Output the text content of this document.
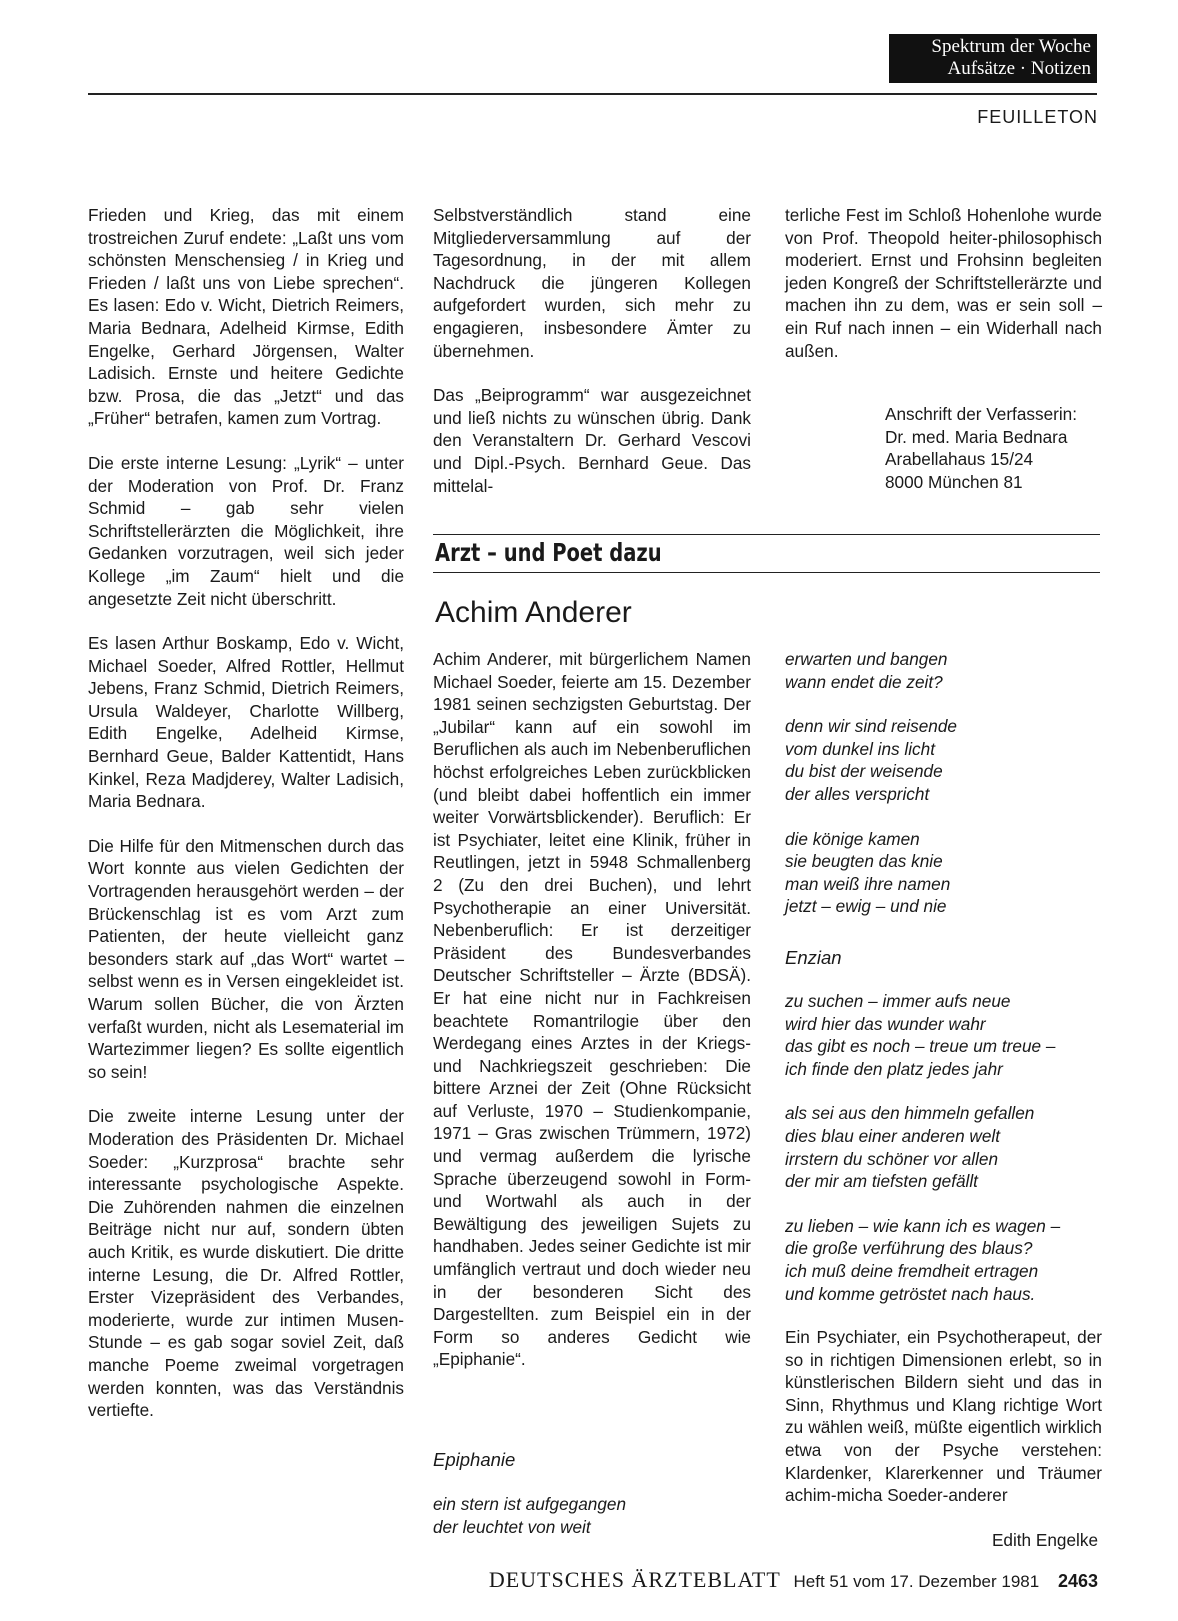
Spektrum der Woche
Aufsätze · Notizen
FEUILLETON

Frieden und Krieg, das mit einem trostreichen Zuruf endete: „Laßt uns vom schönsten Menschensieg / in Krieg und Frieden / laßt uns von Liebe sprechen“. Es lasen: Edo v. Wicht, Dietrich Reimers, Maria Bednara, Adelheid Kirmse, Edith Engelke, Gerhard Jörgensen, Walter Ladisich. Ernste und heitere Gedichte bzw. Prosa, die das „Jetzt“ und das „Früher“ betrafen, kamen zum Vortrag.

Die erste interne Lesung: „Lyrik“ – unter der Moderation von Prof. Dr. Franz Schmid – gab sehr vielen Schriftstellerärzten die Möglichkeit, ihre Gedanken vorzutragen, weil sich jeder Kollege „im Zaum“ hielt und die angesetzte Zeit nicht überschritt.

Es lasen Arthur Boskamp, Edo v. Wicht, Michael Soeder, Alfred Rottler, Hellmut Jebens, Franz Schmid, Dietrich Reimers, Ursula Waldeyer, Charlotte Willberg, Edith Engelke, Adelheid Kirmse, Bernhard Geue, Balder Kattentidt, Hans Kinkel, Reza Madjderey, Walter Ladisich, Maria Bednara.

Die Hilfe für den Mitmenschen durch das Wort konnte aus vielen Gedichten der Vortragenden herausgehört werden – der Brückenschlag ist es vom Arzt zum Patienten, der heute vielleicht ganz besonders stark auf „das Wort“ wartet – selbst wenn es in Versen eingekleidet ist. Warum sollen Bücher, die von Ärzten verfaßt wurden, nicht als Lesematerial im Wartezimmer liegen? Es sollte eigentlich so sein!

Die zweite interne Lesung unter der Moderation des Präsidenten Dr. Michael Soeder: „Kurzprosa“ brachte sehr interessante psychologische Aspekte. Die Zuhörenden nahmen die einzelnen Beiträge nicht nur auf, sondern übten auch Kritik, es wurde diskutiert. Die dritte interne Lesung, die Dr. Alfred Rottler, Erster Vizepräsident des Verbandes, moderierte, wurde zur intimen Musen-Stunde – es gab sogar soviel Zeit, daß manche Poeme zweimal vorgetragen werden konnten, was das Verständnis vertiefte.

Selbstverständlich stand eine Mitgliederversammlung auf der Tagesordnung, in der mit allem Nachdruck die jüngeren Kollegen aufgefordert wurden, sich mehr zu engagieren, insbesondere Ämter zu übernehmen.

Das „Beiprogramm“ war ausgezeichnet und ließ nichts zu wünschen übrig. Dank den Veranstaltern Dr. Gerhard Vescovi und Dipl.-Psych. Bernhard Geue. Das mittelal-

terliche Fest im Schloß Hohenlohe wurde von Prof. Theopold heiter-philosophisch moderiert. Ernst und Frohsinn begleiten jeden Kongreß der Schriftstellerärzte und machen ihn zu dem, was er sein soll – ein Ruf nach innen – ein Widerhall nach außen.

Anschrift der Verfasserin:
Dr. med. Maria Bednara
Arabellahaus 15/24
8000 München 81
Arzt – und Poet dazu
Achim Anderer

Achim Anderer, mit bürgerlichem Namen Michael Soeder, feierte am 15. Dezember 1981 seinen sechzigsten Geburtstag. Der „Jubilar“ kann auf ein sowohl im Beruflichen als auch im Nebenberuflichen höchst erfolgreiches Leben zurückblicken (und bleibt dabei hoffentlich ein immer weiter Vorwärtsblickender). Beruflich: Er ist Psychiater, leitet eine Klinik, früher in Reutlingen, jetzt in 5948 Schmallenberg 2 (Zu den drei Buchen), und lehrt Psychotherapie an einer Universität. Nebenberuflich: Er ist derzeitiger Präsident des Bundesverbandes Deutscher Schriftsteller – Ärzte (BDSÄ). Er hat eine nicht nur in Fachkreisen beachtete Romantrilogie über den Werdegang eines Arztes in der Kriegs- und Nachkriegszeit geschrieben: Die bittere Arznei der Zeit (Ohne Rücksicht auf Verluste, 1970 – Studienkompanie, 1971 – Gras zwischen Trümmern, 1972) und vermag außerdem die lyrische Sprache überzeugend sowohl in Form- und Wortwahl als auch in der Bewältigung des jeweiligen Sujets zu handhaben. Jedes seiner Gedichte ist mir umfänglich vertraut und doch wieder neu in der besonderen Sicht des Dargestellten. zum Beispiel ein in der Form so anderes Gedicht wie „Epiphanie“.

Epiphanie
ein stern ist aufgegangen
der leuchtet von weit
erwarten und bangen
wann endet die zeit?
denn wir sind reisende
vom dunkel ins licht
du bist der weisende
der alles verspricht
die könige kamen
sie beugten das knie
man weiß ihre namen
jetzt – ewig – und nie
Enzian
zu suchen – immer aufs neue
wird hier das wunder wahr
das gibt es noch – treue um treue –
ich finde den platz jedes jahr
als sei aus den himmeln gefallen
dies blau einer anderen welt
irrstern du schöner vor allen
der mir am tiefsten gefällt
zu lieben – wie kann ich es wagen –
die große verführung des blaus?
ich muß deine fremdheit ertragen
und komme getröstet nach haus.

Ein Psychiater, ein Psychotherapeut, der so in richtigen Dimensionen erlebt, so in künstlerischen Bildern sieht und das in Sinn, Rhythmus und Klang richtige Wort zu wählen weiß, müßte eigentlich wirklich etwa von der Psyche verstehen: Klardenker, Klarerkenner und Träumer achim-micha Soeder-anderer

Edith Engelke
DEUTSCHES ÄRZTEBLATT Heft 51 vom 17. Dezember 1981 2463
